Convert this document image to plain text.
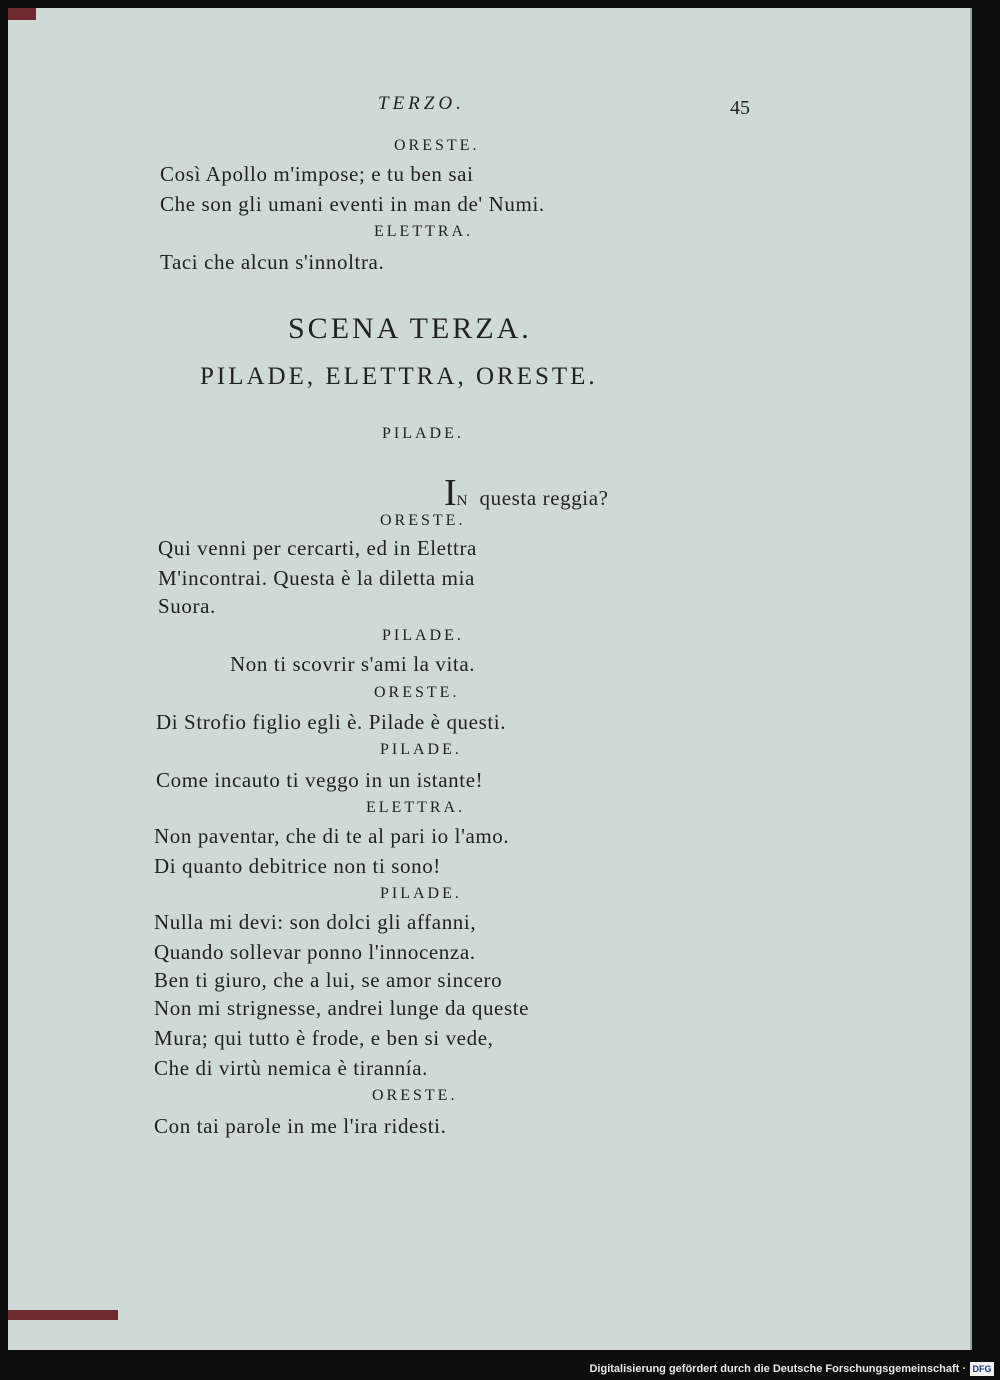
TERZO.	45
ORESTE.
Così Apollo m'impose; e tu ben sai
Che son gli umani eventi in man de' Numi.
ELETTRA.
Taci che alcun s'innoltra.
SCENA TERZA.
PILADE, ELETTRA, ORESTE.
PILADE.
IN questa reggia?
ORESTE.
Qui venni per cercarti, ed in Elettra
M'incontrai. Questa è la diletta mia
Suora.
PILADE.
Non ti scovrir s'ami la vita.
ORESTE.
Di Strofio figlio egli è. Pilade è questi.
PILADE.
Come incauto ti veggo in un istante!
ELETTRA.
Non paventar, che di te al pari io l'amo.
Di quanto debitrice non ti sono!
PILADE.
Nulla mi devi: son dolci gli affanni,
Quando sollevar ponno l'innocenza.
Ben ti giuro, che a lui, se amor sincero
Non mi strignesse, andrei lunge da queste
Mura; qui tutto è frode, e ben si vede,
Che di virtù nemica è tirannía.
ORESTE.
Con tai parole in me l'ira ridesti.
Digitalisierung gefördert durch die Deutsche Forschungsgemeinschaft · DFG
